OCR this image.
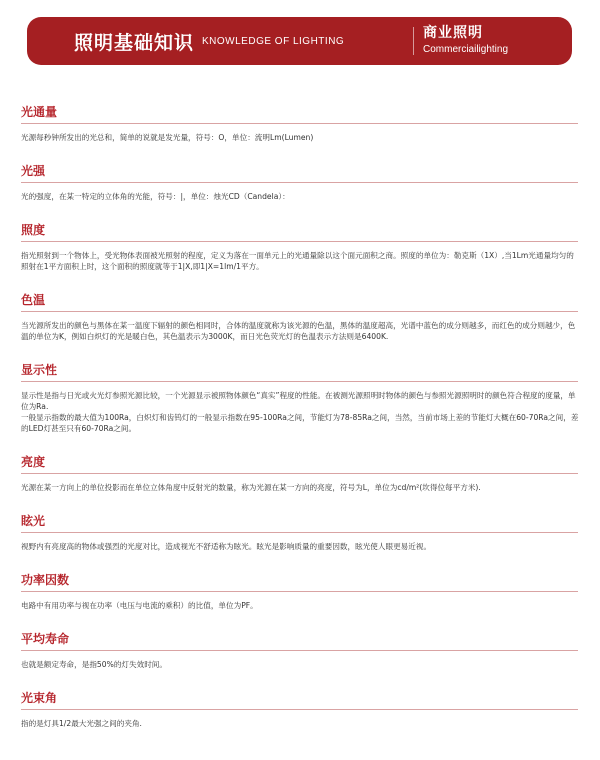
照明基础知识 KNOWLEDGE OF LIGHTING	商业照明
Commerciailighting
光通量
光源每秒钟所发出的光总和，简单的说就是发光量，符号：O，单位：流明Lm(Lumen)
光强
光的强度，在某一特定的立体角的光能，符号：|，单位：烛光CD（Candela）：
照度
指光照射到一个物体上，受光物体表面被光照射的程度，定义为落在一面单元上的光通量除以这个面元面积之商。照度的单位为：勒克斯（1X）,当1Lm光通量均匀的照射在1平方面积上时，这个面积的照度就等于1|X,即1|X=1lm/1平方。
色温
当光源所发出的颜色与黑体在某一温度下辐射的颜色相同时，合体的温度就称为该光源的色温，黑体的温度超高，光谱中蓝色的成分则越多，而红色的成分则越少，色温的单位为K，例如白炽灯的光是暖白色，其色温表示为3000K，而日光色荧光灯的色温表示方法则是6400K.
显示性
显示性是指与日光或火光灯参照光源比较，一个光源显示被照物体颜色“真实”程度的性能。在被测光源照明时物体的颜色与参照光源照明时的颜色符合程度的度量，单位为Ra.
一般显示指数的最大值为100Ra，白炽灯和齿钨灯的一般显示指数在95-100Ra之间，节能灯为78-85Ra之间，当然，当前市场上差的节能灯大概在60-70Ra之间，差的LED灯甚至只有60-70Ra之间。
亮度
光源在某一方向上的单位投影而在单位立体角度中反射光的数量，称为光源在某一方向的亮度，符号为L，单位为cd/m²(坎得位每平方米).
眩光
视野内有亮度高的物体或强烈的光度对比，造成视光不舒适称为眩光。眩光是影响质量的重要因数，眩光使人眼更易近视。
功率因数
电路中有用功率与视在功率（电压与电流的乘积）的比值，单位为PF。
平均寿命
也就是额定寿命，是指50%的灯失效时间。
光束角
指的是灯具1/2最大光强之间的夹角.
